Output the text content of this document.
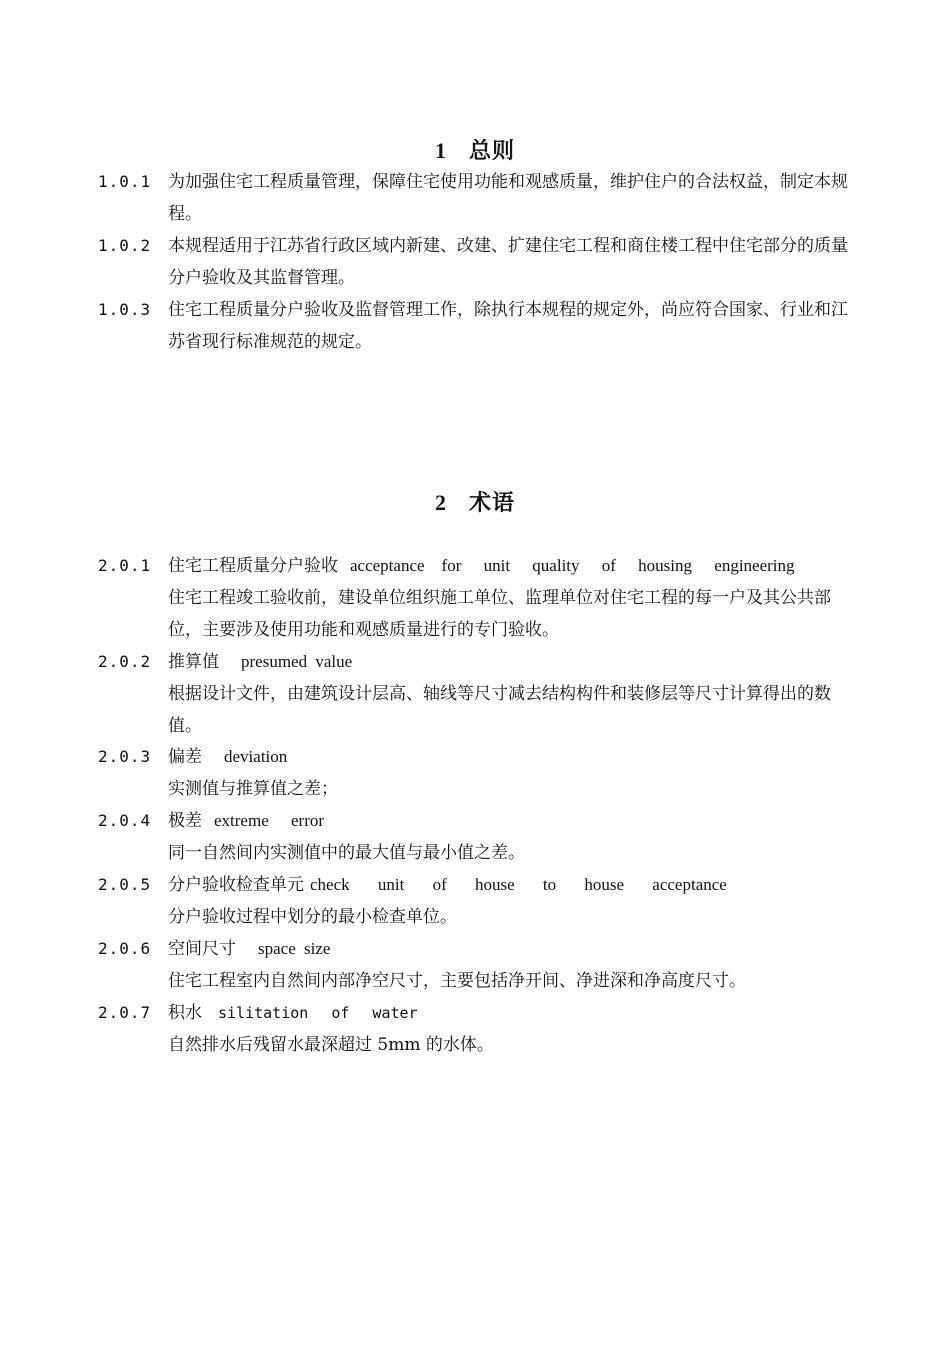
1 总则
1.0.1 为加强住宅工程质量管理，保障住宅使用功能和观感质量，维护住户的合法权益，制定本规程。
1.0.2 本规程适用于江苏省行政区域内新建、改建、扩建住宅工程和商住楼工程中住宅部分的质量分户验收及其监督管理。
1.0.3 住宅工程质量分户验收及监督管理工作，除执行本规程的规定外，尚应符合国家、行业和江苏省现行标准规范的规定。
2 术语
2.0.1 住宅工程质量分户验收 acceptance　for unit quality of housing engineering
住宅工程竣工验收前，建设单位组织施工单位、监理单位对住宅工程的每一户及其公共部位，主要涉及使用功能和观感质量进行的专门验收。
2.0.2 推算值 presumed value
根据设计文件，由建筑设计层高、轴线等尺寸减去结构构件和装修层等尺寸计算得出的数值。
2.0.3 偏差 deviation
实测值与推算值之差；
2.0.4 极差 extreme error
同一自然间内实测值中的最大值与最小值之差。
2.0.5 分户验收检查单元 check unit of house to house acceptance
分户验收过程中划分的最小检查单位。
2.0.6 空间尺寸 space size
住宅工程室内自然间内部净空尺寸，主要包括净开间、净进深和净高度尺寸。
2.0.7 积水 silitation of water
自然排水后残留水最深超过 5mm 的水体。
